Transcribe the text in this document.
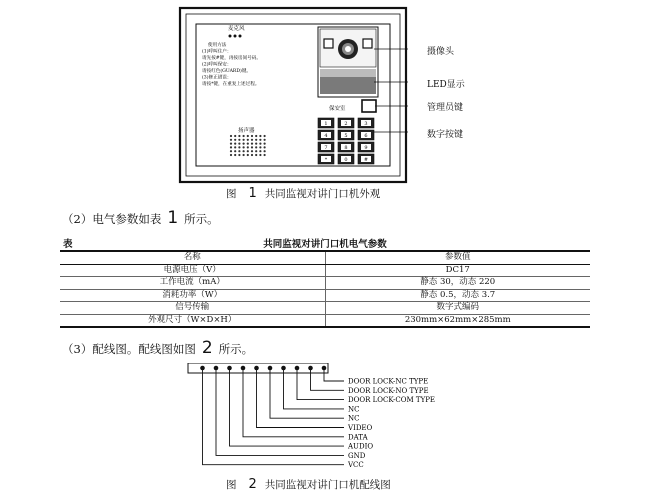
麦克风
使用方法
(1)呼叫住户：
请先按#键，再按房间号码。
(2)呼叫保安：
请按红色(GUARD)键。
(3)修正错误：
请按*键，在重复上述过程。
扬声器
保安室
1	2	3
4	5	6
7	8	9
*	0	#
摄像头
LED显示
管理员键
数字按键
图 1 共同监视对讲门口机外观
（2）电气参数如表 1 所示。
表	共同监视对讲门口机电气参数
名称	参数值
电源电压（V）	DC17
工作电流（mA）	静态 30，动态 220
消耗功率（W）	静态 0.5，动态 3.7
信号传输	数字式编码
外观尺寸（W×D×H）	230mm×62mm×285mm
（3）配线图。配线图如图 2 所示。
DOOR LOCK-NC TYPE
DOOR LOCK-NO TYPE
DOOR LOCK-COM TYPE
NC
NC
VIDEO
DATA
AUDIO
GND
VCC
图 2 共同监视对讲门口机配线图
